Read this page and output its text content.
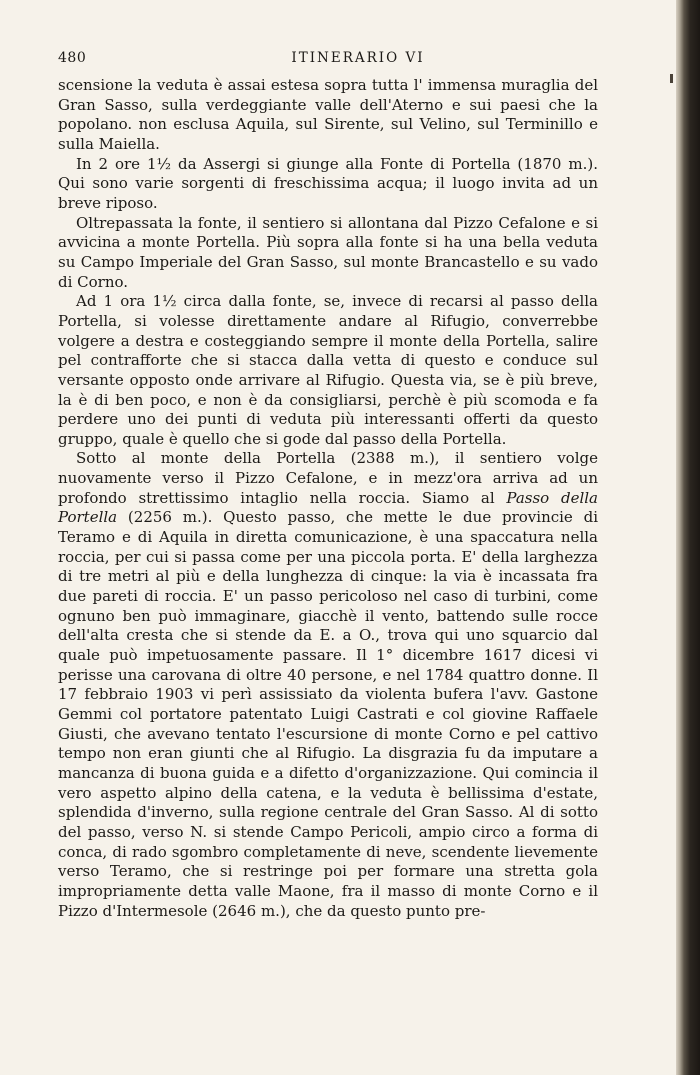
480	ITINERARIO VI

scensione la veduta è assai estesa sopra tutta l' immensa muraglia del Gran Sasso, sulla verdeggiante valle dell'Aterno e sui paesi che la popolano. non esclusa Aquila, sul Sirente, sul Velino, sul Terminillo e sulla Maiella.

In 2 ore 1½ da Assergi si giunge alla Fonte di Portella (1870 m.). Qui sono varie sorgenti di freschissima acqua; il luogo invita ad un breve riposo.

Oltrepassata la fonte, il sentiero si allontana dal Pizzo Cefalone e si avvicina a monte Portella. Più sopra alla fonte si ha una bella veduta su Campo Imperiale del Gran Sasso, sul monte Brancastello e su vado di Corno.

Ad 1 ora 1½ circa dalla fonte, se, invece di recarsi al passo della Portella, si volesse direttamente andare al Rifugio, converrebbe volgere a destra e costeggiando sempre il monte della Portella, salire pel contrafforte che si stacca dalla vetta di questo e conduce sul versante opposto onde arrivare al Rifugio. Questa via, se è più breve, la è di ben poco, e non è da consigliarsi, perchè è più scomoda e fa perdere uno dei punti di veduta più interessanti offerti da questo gruppo, quale è quello che si gode dal passo della Portella.

Sotto al monte della Portella (2388 m.), il sentiero volge nuovamente verso il Pizzo Cefalone, e in mezz'ora arriva ad un profondo strettissimo intaglio nella roccia. Siamo al Passo della Portella (2256 m.). Questo passo, che mette le due provincie di Teramo e di Aquila in diretta comunicazione, è una spaccatura nella roccia, per cui si passa come per una piccola porta. E' della larghezza di tre metri al più e della lunghezza di cinque: la via è incassata fra due pareti di roccia. E' un passo pericoloso nel caso di turbini, come ognuno ben può immaginare, giacchè il vento, battendo sulle rocce dell'alta cresta che si stende da E. a O., trova qui uno squarcio dal quale può impetuosamente passare. Il 1° dicembre 1617 dicesi vi perisse una carovana di oltre 40 persone, e nel 1784 quattro donne. Il 17 febbraio 1903 vi perì assissiato da violenta bufera l'avv. Gastone Gemmi col portatore patentato Luigi Castrati e col giovine Raffaele Giusti, che avevano tentato l'escursione di monte Corno e pel cattivo tempo non eran giunti che al Rifugio. La disgrazia fu da imputare a mancanza di buona guida e a difetto d'organizzazione. Qui comincia il vero aspetto alpino della catena, e la veduta è bellissima d'estate, splendida d'inverno, sulla regione centrale del Gran Sasso. Al di sotto del passo, verso N. si stende Campo Pericoli, ampio circo a forma di conca, di rado sgombro completamente di neve, scendente lievemente verso Teramo, che si restringe poi per formare una stretta gola impropriamente detta valle Maone, fra il masso di monte Corno e il Pizzo d'Intermesole (2646 m.), che da questo punto pre-
